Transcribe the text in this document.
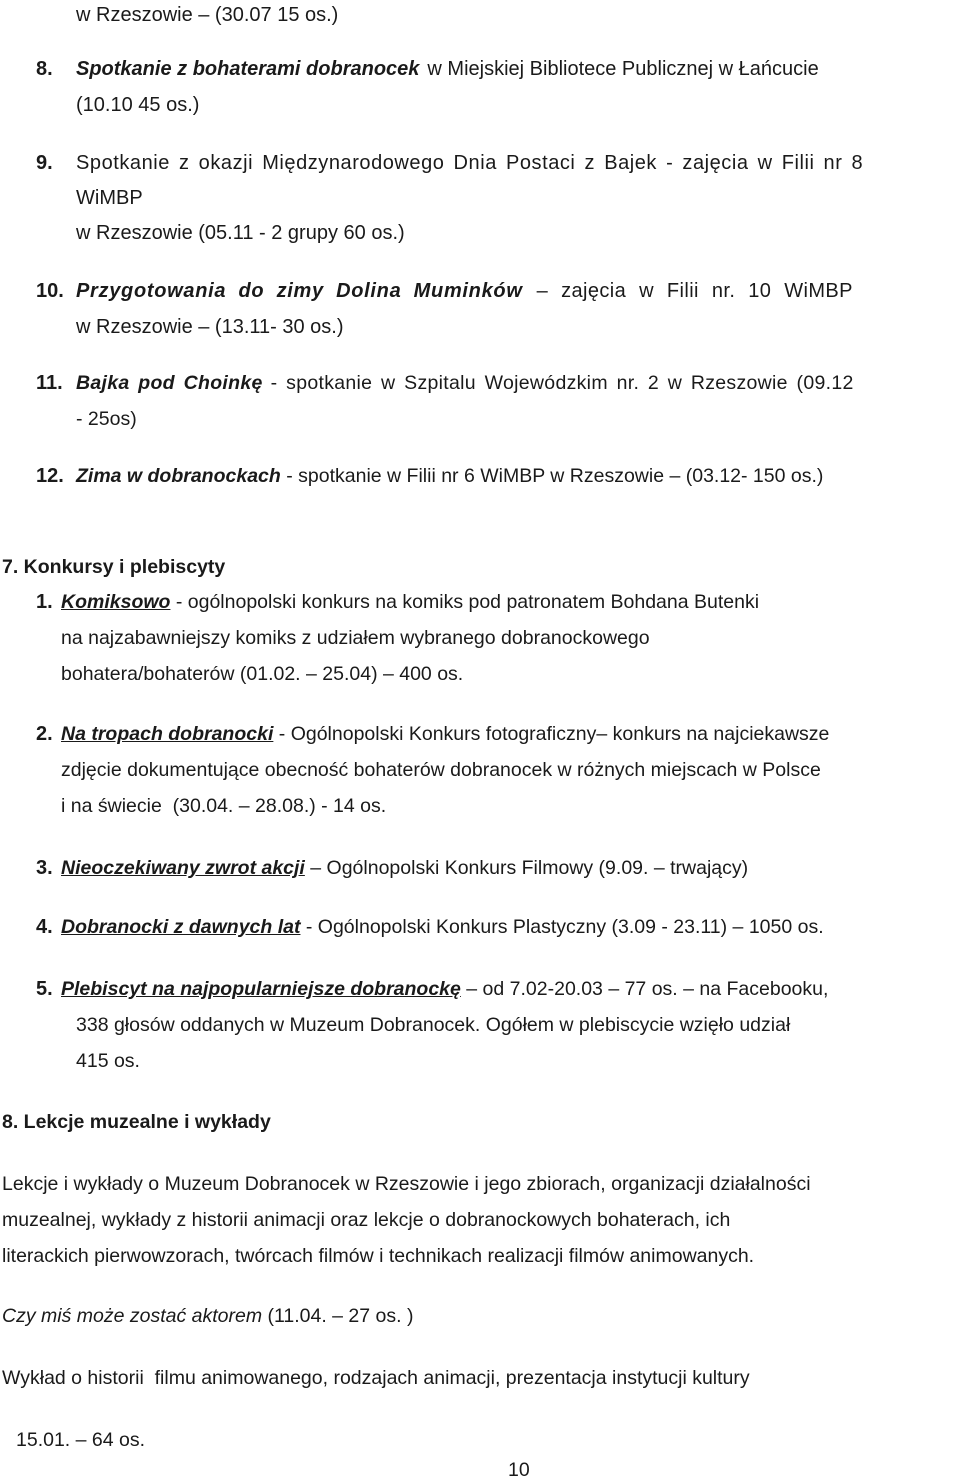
w Rzeszowie – (30.07 15 os.)
8. Spotkanie z bohaterami dobranocek w Miejskiej Bibliotece Publicznej w Łańcucie
(10.10 45 os.)
9. Spotkanie z okazji Międzynarodowego Dnia Postaci z Bajek - zajęcia w Filii nr 8
WiMBP
w Rzeszowie (05.11 - 2 grupy 60 os.)
10. Przygotowania do zimy Dolina Muminków – zajęcia w Filii nr. 10 WiMBP
w Rzeszowie – (13.11- 30 os.)
11. Bajka pod Choinkę - spotkanie w Szpitalu Wojewódzkim nr. 2 w Rzeszowie (09.12
- 25os)
12. Zima w dobranockach - spotkanie w Filii nr 6 WiMBP w Rzeszowie – (03.12- 150 os.)
7. Konkursy i plebiscyty
1. Komiksowo - ogólnopolski konkurs na komiks pod patronatem Bohdana Butenki
na najzabawniejszy komiks z udziałem wybranego dobranockowego
bohatera/bohaterów (01.02. – 25.04) – 400 os.
2. Na tropach dobranocki - Ogólnopolski Konkurs fotograficzny– konkurs na najciekawsze
zdjęcie dokumentujące obecność bohaterów dobranocek w różnych miejscach w Polsce
i na świecie  (30.04. – 28.08.) - 14 os.
3. Nieoczekiwany zwrot akcji – Ogólnopolski Konkurs Filmowy (9.09. – trwający)
4. Dobranocki z dawnych lat - Ogólnopolski Konkurs Plastyczny (3.09 - 23.11) – 1050 os.
5. Plebiscyt na najpopularniejsze dobranockę – od 7.02-20.03 – 77 os. – na Facebooku,
338 głosów oddanych w Muzeum Dobranocek. Ogółem w plebiscycie wzięło udział
415 os.
8. Lekcje muzealne i wykłady
Lekcje i wykłady o Muzeum Dobranocek w Rzeszowie i jego zbiorach, organizacji działalności
muzealnej, wykłady z historii animacji oraz lekcje o dobranockowych bohaterach, ich
literackich pierwowzorach, twórcach filmów i technikach realizacji filmów animowanych.
Czy miś może zostać aktorem (11.04. – 27 os. )
Wykład o historii  filmu animowanego, rodzajach animacji, prezentacja instytucji kultury
15.01. – 64 os.
10
